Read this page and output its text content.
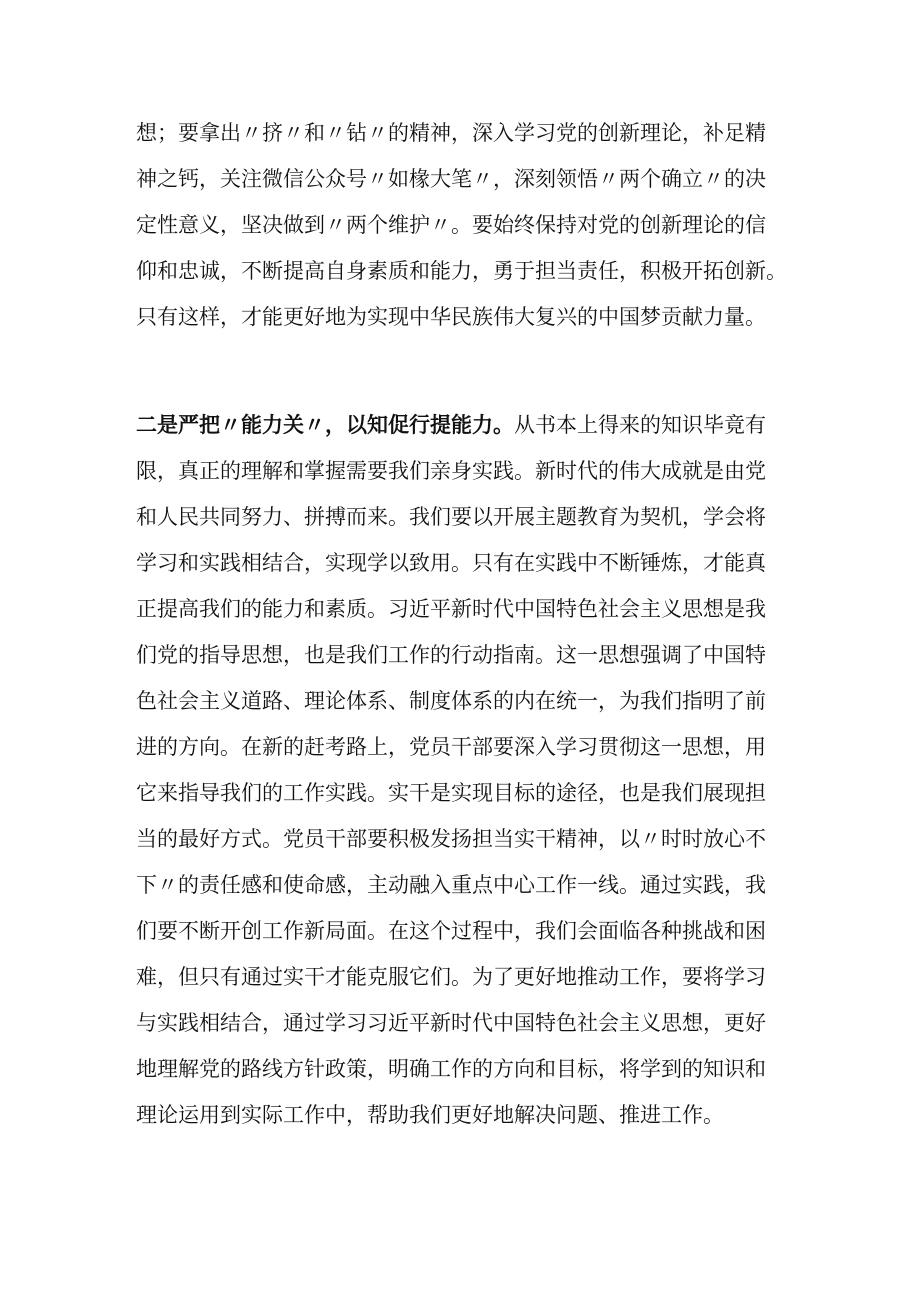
想；要拿出〃挤〃和〃钻〃的精神，深入学习党的创新理论，补足精
神之钙，关注微信公众号〃如椽大笔〃，深刻领悟〃两个确立〃的决
定性意义，坚决做到〃两个维护〃。要始终保持对党的创新理论的信
仰和忠诚，不断提高自身素质和能力，勇于担当责任，积极开拓创新。
只有这样，才能更好地为实现中华民族伟大复兴的中国梦贡献力量。
二是严把〃能力关〃，以知促行提能力。从书本上得来的知识毕竟有
限，真正的理解和掌握需要我们亲身实践。新时代的伟大成就是由党
和人民共同努力、拼搏而来。我们要以开展主题教育为契机，学会将
学习和实践相结合，实现学以致用。只有在实践中不断锤炼，才能真
正提高我们的能力和素质。习近平新时代中国特色社会主义思想是我
们党的指导思想，也是我们工作的行动指南。这一思想强调了中国特
色社会主义道路、理论体系、制度体系的内在统一，为我们指明了前
进的方向。在新的赶考路上，党员干部要深入学习贯彻这一思想，用
它来指导我们的工作实践。实干是实现目标的途径，也是我们展现担
当的最好方式。党员干部要积极发扬担当实干精神，以〃时时放心不
下〃的责任感和使命感，主动融入重点中心工作一线。通过实践，我
们要不断开创工作新局面。在这个过程中，我们会面临各种挑战和困
难，但只有通过实干才能克服它们。为了更好地推动工作，要将学习
与实践相结合，通过学习习近平新时代中国特色社会主义思想，更好
地理解党的路线方针政策，明确工作的方向和目标，将学到的知识和
理论运用到实际工作中，帮助我们更好地解决问题、推进工作。
